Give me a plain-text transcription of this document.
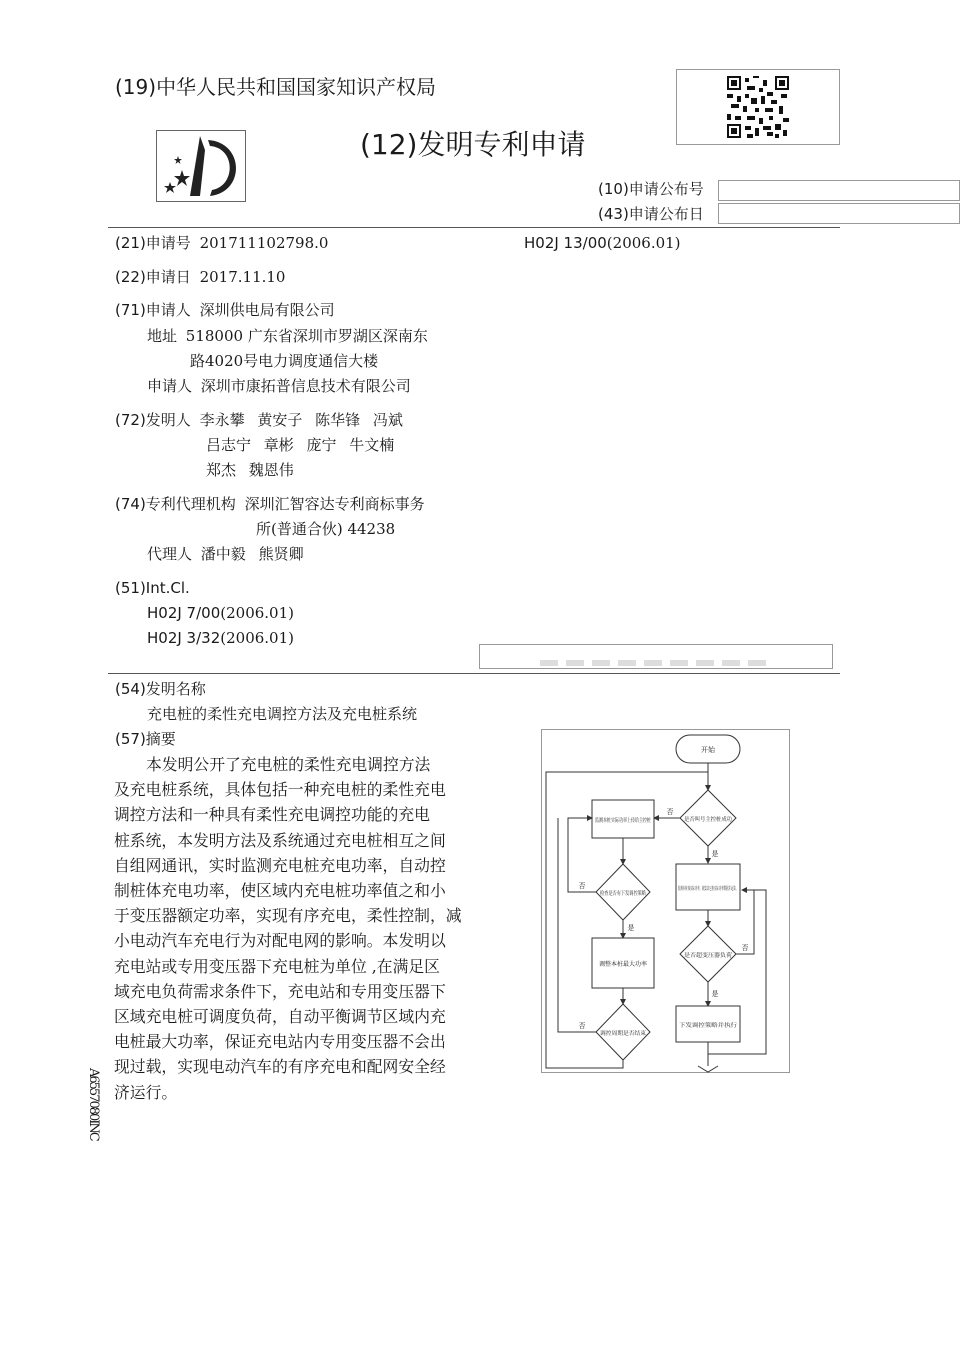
(19)中华人民共和国国家知识产权局
(12)发明专利申请
(10)申请公布号
(43)申请公布日
(21)申请号 201711102798.0	H02J 13/00(2006.01)
(22)申请日 2017.11.10
(71)申请人 深圳供电局有限公司
地址 518000 广东省深圳市罗湖区深南东
路4020号电力调度通信大楼
申请人 深圳市康拓普信息技术有限公司
(72)发明人 李永攀 黄安子 陈华锋 冯斌
吕志宁 章彬 庞宁 牛文楠
郑杰 魏恩伟
(74)专利代理机构 深圳汇智容达专利商标事务
所(普通合伙) 44238
代理人 潘中毅 熊贤卿
(51)Int.Cl.
H02J 7/00(2006.01)
H02J 3/32(2006.01)
(54)发明名称
充电桩的柔性充电调控方法及充电桩系统
(57)摘要

本发明公开了充电桩的柔性充电调控方法

及充电桩系统，具体包括一种充电桩的柔性充电

调控方法和一种具有柔性充电调控功能的充电

桩系统，本发明方法及系统通过充电桩相互之间

自组网通讯，实时监测充电桩充电功率，自动控

制桩体充电功率，使区域内充电桩功率值之和小

于变压器额定功率，实现有序充电，柔性控制，减

小电动汽车充电行为对配电网的影响。本发明以

充电站或专用变压器下充电桩为单位 ,在满足区

域充电负荷需求条件下，充电站和专用变压器下

区域充电桩可调度负荷，自动平衡调节区域内充

电桩最大功率，保证充电站内专用变压器不会出

现过载，实现电动汽车的有序充电和配网安全经

济运行。

A6557080INC
开始
是否叫号主控桩成功
监测本桩实际功率上传给主控桩
检查是否有下发调控策略
调整本桩最大功率
调控周期是否结束
监测本桩体实际功率，收集其它桩实际功率数据并运算。
是否超变压器负荷
下发调控策略并执行
是
否
是
否
否
是
否
